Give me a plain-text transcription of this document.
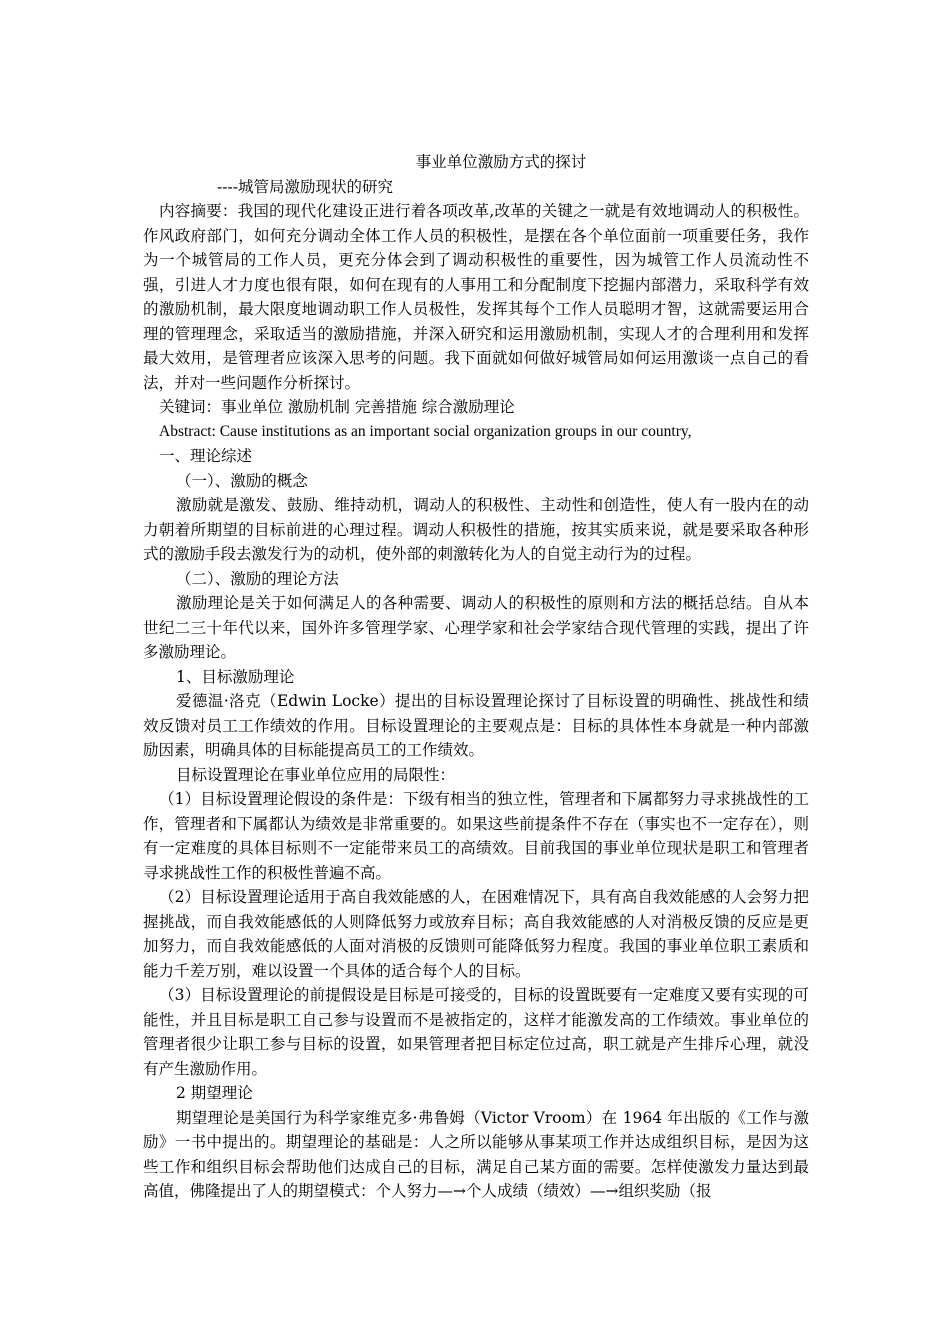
事业单位激励方式的探讨

----城管局激励现状的研究

内容摘要：我国的现代化建设正进行着各项改革,改革的关键之一就是有效地调动人的积极性。作风政府部门，如何充分调动全体工作人员的积极性，是摆在各个单位面前一项重要任务，我作为一个城管局的工作人员，更充分体会到了调动积极性的重要性，因为城管工作人员流动性不强，引进人才力度也很有限，如何在现有的人事用工和分配制度下挖掘内部潜力，采取科学有效的激励机制，最大限度地调动职工作人员极性，发挥其每个工作人员聪明才智，这就需要运用合理的管理理念，采取适当的激励措施，并深入研究和运用激励机制，实现人才的合理利用和发挥最大效用，是管理者应该深入思考的问题。我下面就如何做好城管局如何运用激谈一点自己的看法，并对一些问题作分析探讨。

关键词：事业单位 激励机制 完善措施 综合激励理论

Abstract: Cause institutions as an important social organization groups in our country,

一、理论综述

（一）、激励的概念

激励就是激发、鼓励、维持动机，调动人的积极性、主动性和创造性，使人有一股内在的动力朝着所期望的目标前进的心理过程。调动人积极性的措施，按其实质来说，就是要采取各种形式的激励手段去激发行为的动机，使外部的刺激转化为人的自觉主动行为的过程。

（二）、激励的理论方法

激励理论是关于如何满足人的各种需要、调动人的积极性的原则和方法的概括总结。自从本世纪二三十年代以来，国外许多管理学家、心理学家和社会学家结合现代管理的实践，提出了许多激励理论。

1、目标激励理论

爱德温·洛克（Edwin Locke）提出的目标设置理论探讨了目标设置的明确性、挑战性和绩效反馈对员工工作绩效的作用。目标设置理论的主要观点是：目标的具体性本身就是一种内部激励因素，明确具体的目标能提高员工的工作绩效。

目标设置理论在事业单位应用的局限性：

（1）目标设置理论假设的条件是：下级有相当的独立性，管理者和下属都努力寻求挑战性的工作，管理者和下属都认为绩效是非常重要的。如果这些前提条件不存在（事实也不一定存在），则有一定难度的具体目标则不一定能带来员工的高绩效。目前我国的事业单位现状是职工和管理者寻求挑战性工作的积极性普遍不高。

（2）目标设置理论适用于高自我效能感的人，在困难情况下，具有高自我效能感的人会努力把握挑战，而自我效能感低的人则降低努力或放弃目标；高自我效能感的人对消极反馈的反应是更加努力，而自我效能感低的人面对消极的反馈则可能降低努力程度。我国的事业单位职工素质和能力千差万别，难以设置一个具体的适合每个人的目标。

（3）目标设置理论的前提假设是目标是可接受的，目标的设置既要有一定难度又要有实现的可能性，并且目标是职工自己参与设置而不是被指定的，这样才能激发高的工作绩效。事业单位的管理者很少让职工参与目标的设置，如果管理者把目标定位过高，职工就是产生排斥心理，就没有产生激励作用。

2 期望理论

期望理论是美国行为科学家维克多·弗鲁姆（Victor Vroom）在 1964 年出版的《工作与激励》一书中提出的。期望理论的基础是：人之所以能够从事某项工作并达成组织目标，是因为这些工作和组织目标会帮助他们达成自己的目标，满足自己某方面的需要。怎样使激发力量达到最高值，佛隆提出了人的期望模式：个人努力—→个人成绩（绩效）—→组织奖励（报
